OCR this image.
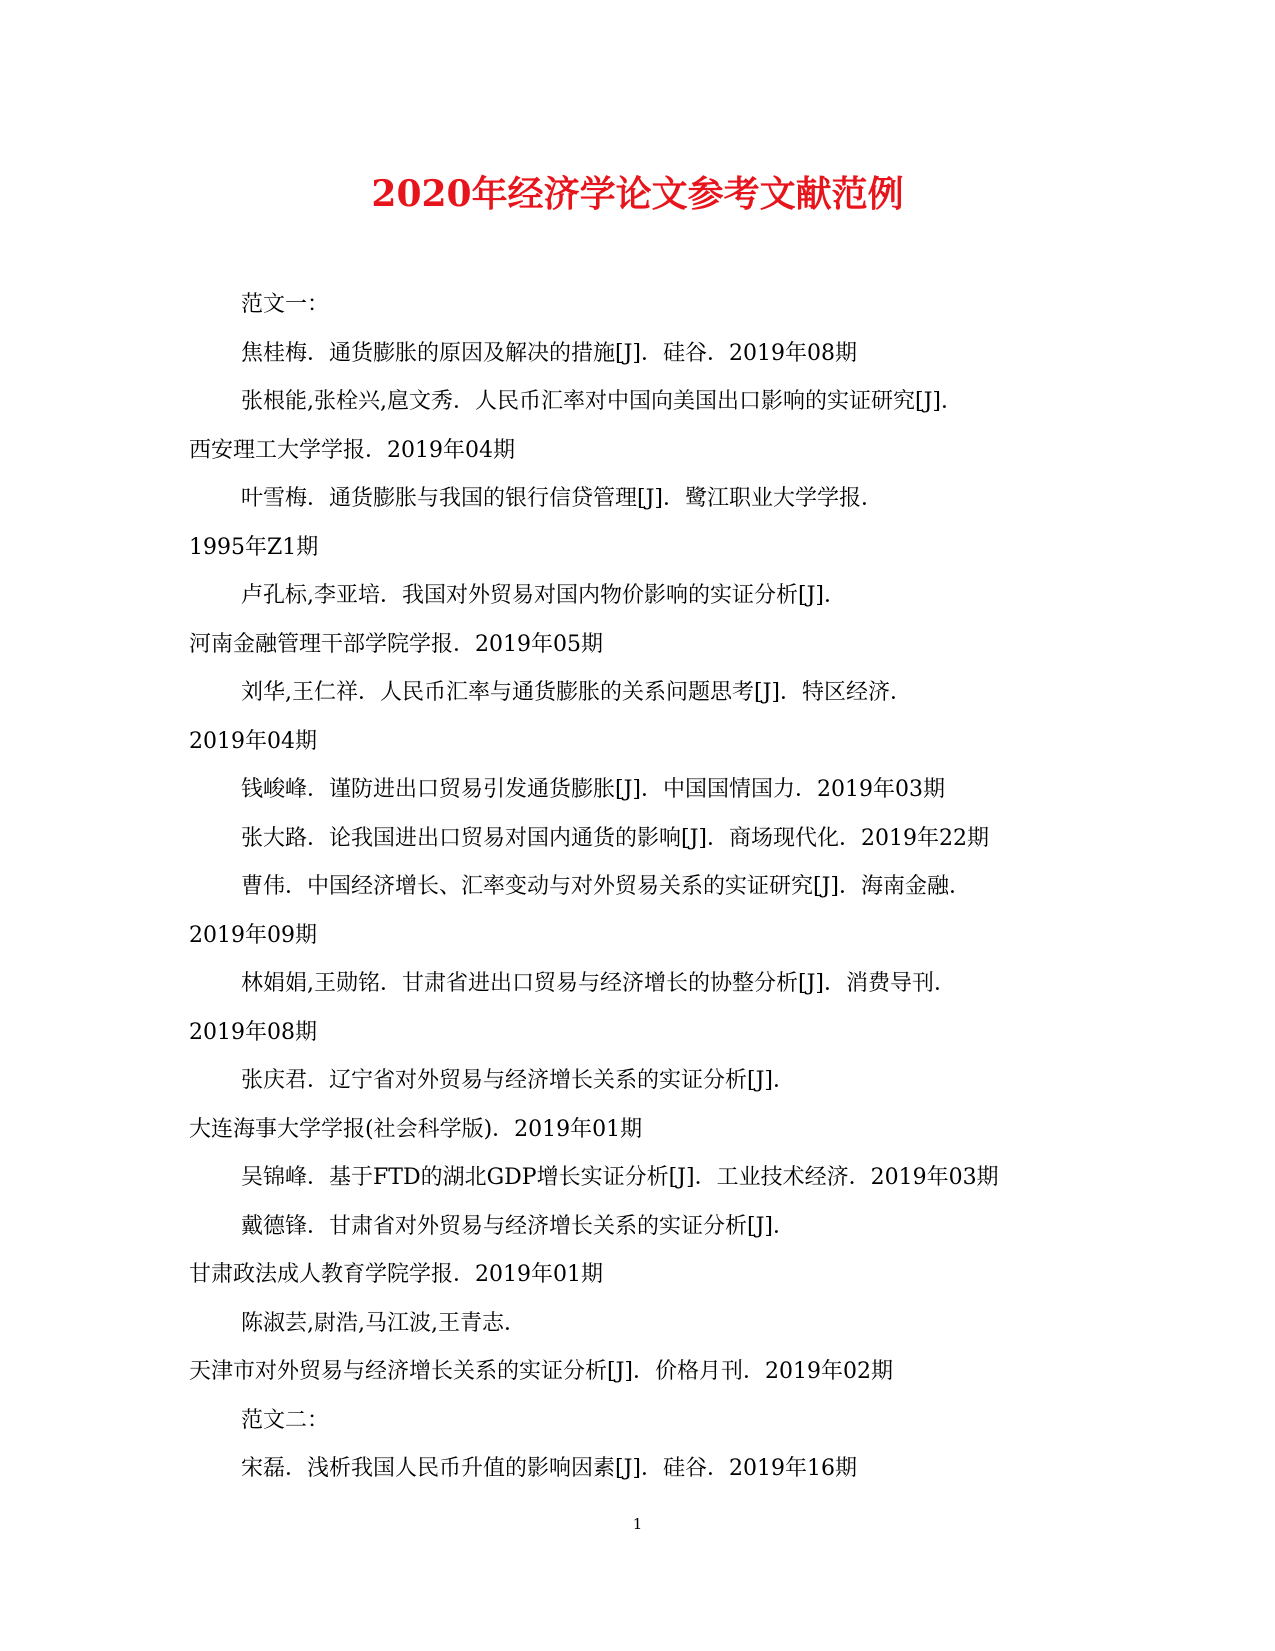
2020年经济学论文参考文献范例

范文一：

焦桂梅．通货膨胀的原因及解决的措施[J]．硅谷．2019年08期

张根能,张栓兴,扈文秀．人民币汇率对中国向美国出口影响的实证研究[J]．

西安理工大学学报．2019年04期

叶雪梅．通货膨胀与我国的银行信贷管理[J]．鹭江职业大学学报．

1995年Z1期

卢孔标,李亚培．我国对外贸易对国内物价影响的实证分析[J]．

河南金融管理干部学院学报．2019年05期

刘华,王仁祥．人民币汇率与通货膨胀的关系问题思考[J]．特区经济．

2019年04期

钱峻峰．谨防进出口贸易引发通货膨胀[J]．中国国情国力．2019年03期

张大路．论我国进出口贸易对国内通货的影响[J]．商场现代化．2019年22期

曹伟．中国经济增长、汇率变动与对外贸易关系的实证研究[J]．海南金融．

2019年09期

林娟娟,王勋铭．甘肃省进出口贸易与经济增长的协整分析[J]．消费导刊．

2019年08期

张庆君．辽宁省对外贸易与经济增长关系的实证分析[J]．

大连海事大学学报(社会科学版)．2019年01期

吴锦峰．基于FTD的湖北GDP增长实证分析[J]．工业技术经济．2019年03期

戴德锋．甘肃省对外贸易与经济增长关系的实证分析[J]．

甘肃政法成人教育学院学报．2019年01期

陈淑芸,尉浩,马江波,王青志．

天津市对外贸易与经济增长关系的实证分析[J]．价格月刊．2019年02期

范文二：

宋磊．浅析我国人民币升值的影响因素[J]．硅谷．2019年16期

1
